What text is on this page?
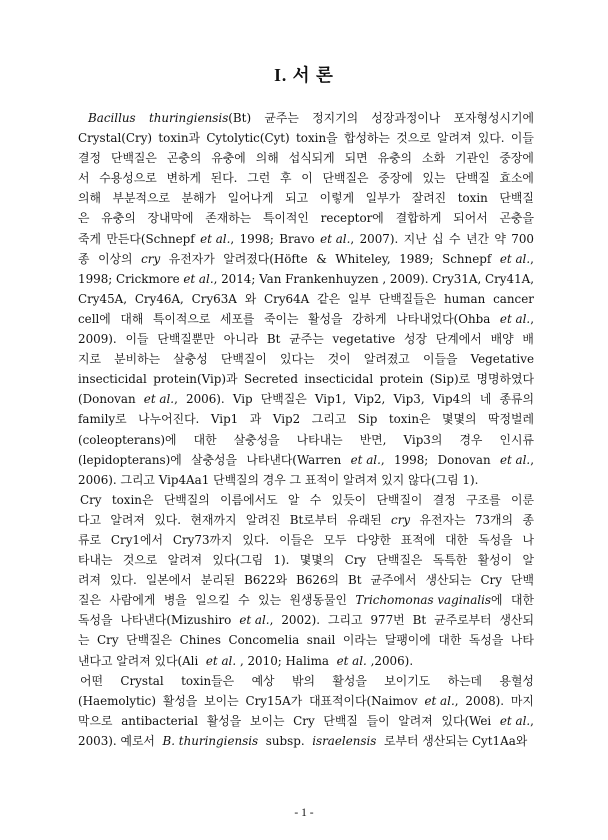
I. 서 론
Bacillus thuringiensis(Bt) 균주는 정지기의 성장과정이나 포자형성시기에
Crystal(Cry) toxin과 Cytolytic(Cyt) toxin을 합성하는 것으로 알려져 있다. 이들
결정 단백질은 곤충의 유충에 의해 섭식되게 되면 유충의 소화 기관인 중장에
서 수용성으로 변하게 된다. 그런 후 이 단백질은 중장에 있는 단백질 효소에
의해 부분적으로 분해가 일어나게 되고 이렇게 일부가 잘려진 toxin 단백질
은 유충의 장내막에 존재하는 특이적인 receptor에 결합하게 되어서 곤충을
죽게 만든다(Schnepf et al., 1998; Bravo et al., 2007). 지난 십 수 년간 약 700
종 이상의 cry 유전자가 알려졌다(Höfte & Whiteley, 1989; Schnepf et al.,
1998; Crickmore et al., 2014; Van Frankenhuyzen , 2009). Cry31A, Cry41A,
Cry45A, Cry46A, Cry63A 와 Cry64A 같은 일부 단백질들은 human cancer
cell에 대해 특이적으로 세포를 죽이는 활성을 강하게 나타내었다(Ohba et al.,
2009). 이들 단백질뿐만 아니라 Bt 균주는 vegetative 성장 단계에서 배양 배
지로 분비하는 살충성 단백질이 있다는 것이 알려졌고 이들을 Vegetative
insecticidal protein(Vip)과 Secreted insecticidal protein (Sip)로 명명하였다
(Donovan et al., 2006). Vip 단백질은 Vip1, Vip2, Vip3, Vip4의 네 종류의
family로 나누어진다. Vip1 과 Vip2 그리고 Sip toxin은 몇몇의 딱정벌레
(coleopterans)에 대한 살충성을 나타내는 반면, Vip3의 경우 인시류
(lepidopterans)에 살충성을 나타낸다(Warren et al., 1998; Donovan et al.,
2006). 그리고 Vip4Aa1 단백질의 경우 그 표적이 알려져 있지 않다(그림 1).
Cry toxin은 단백질의 이름에서도 알 수 있듯이 단백질이 결정 구조를 이룬
다고 알려져 있다. 현재까지 알려진 Bt로부터 유래된 cry 유전자는 73개의 종
류로 Cry1에서 Cry73까지 있다. 이들은 모두 다양한 표적에 대한 독성을 나
타내는 것으로 알려져 있다(그림 1). 몇몇의 Cry 단백질은 독특한 활성이 알
려져 있다. 일본에서 분리된 B622와 B626의 Bt 균주에서 생산되는 Cry 단백
질은 사람에게 병을 일으킬 수 있는 원생동물인 Trichomonas vaginalis에 대한
독성을 나타낸다(Mizushiro et al., 2002). 그리고 977번 Bt 균주로부터 생산되
는 Cry 단백질은 Chines Concomelia snail 이라는 달팽이에 대한 독성을 나타
낸다고 알려져 있다(Ali et al. , 2010; Halima et al. ,2006).
어떤 Crystal toxin들은 예상 밖의 활성을 보이기도 하는데 용혈성
(Haemolytic) 활성을 보이는 Cry15A가 대표적이다(Naimov et al., 2008). 마지
막으로 antibacterial 활성을 보이는 Cry 단백질 들이 알려져 있다(Wei et al.,
2003). 예로서 B. thuringiensis subsp. israelensis 로부터 생산되는 Cyt1Aa와
- 1 -
